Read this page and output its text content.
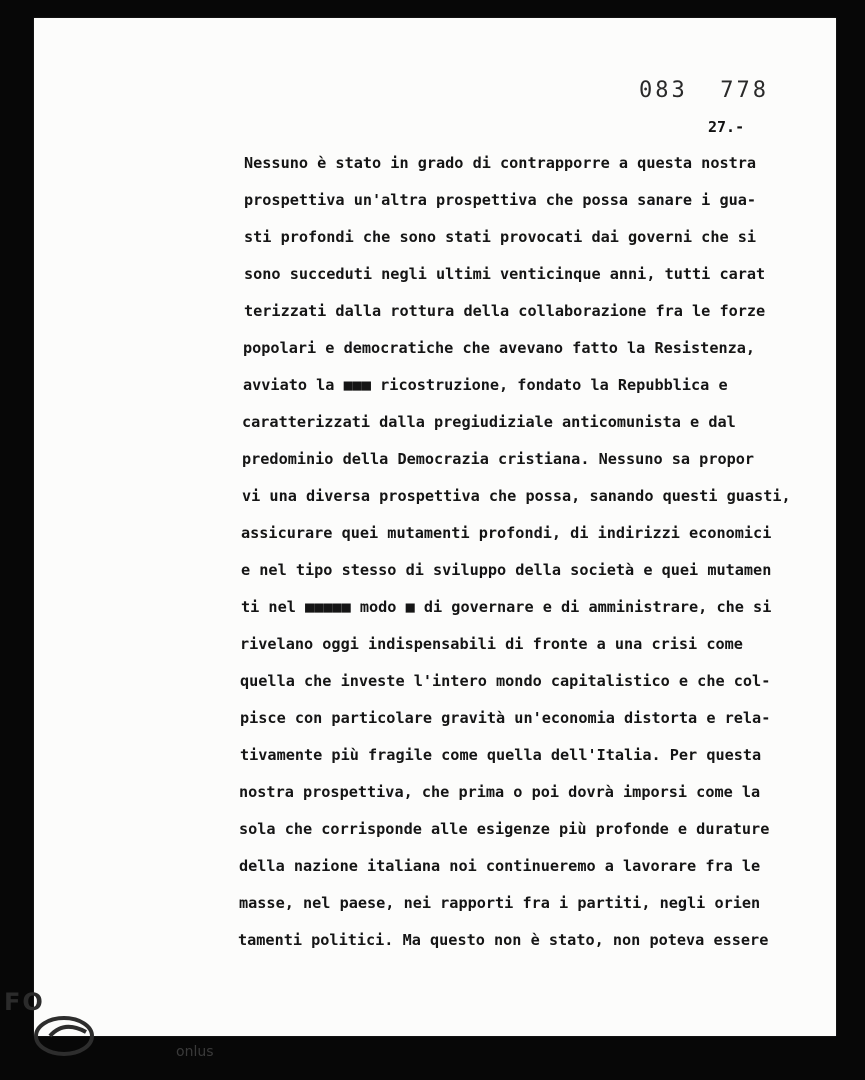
083  778
27.-
Nessuno è stato in grado di contrapporre a questa nostra
prospettiva un'altra prospettiva che possa sanare i gua-
sti profondi che sono stati provocati dai governi che si
sono succeduti negli ultimi venticinque anni, tutti carat
terizzati dalla rottura della collaborazione fra le forze
popolari e democratiche che avevano fatto la Resistenza,
avviato la ■■■ ricostruzione, fondato la Repubblica e
caratterizzati dalla pregiudiziale anticomunista e dal
predominio della Democrazia cristiana. Nessuno sa propor
vi una diversa prospettiva che possa, sanando questi guasti,
assicurare quei mutamenti profondi, di indirizzi economici
e nel tipo stesso di sviluppo della società e quei mutamen
ti nel ■■■■■ modo ■ di governare e di amministrare, che si
rivelano oggi indispensabili di fronte a una crisi come
quella che investe l'intero mondo capitalistico e che col-
pisce con particolare gravità un'economia distorta e rela-
tivamente più fragile come quella dell'Italia. Per questa
nostra prospettiva, che prima o poi dovrà imporsi come la
sola che corrisponde alle esigenze più profonde e durature
della nazione italiana noi continueremo a lavorare fra le
masse, nel paese, nei rapporti fra i partiti, negli orien
tamenti politici. Ma questo non è stato, non poteva essere
FO
onlus
